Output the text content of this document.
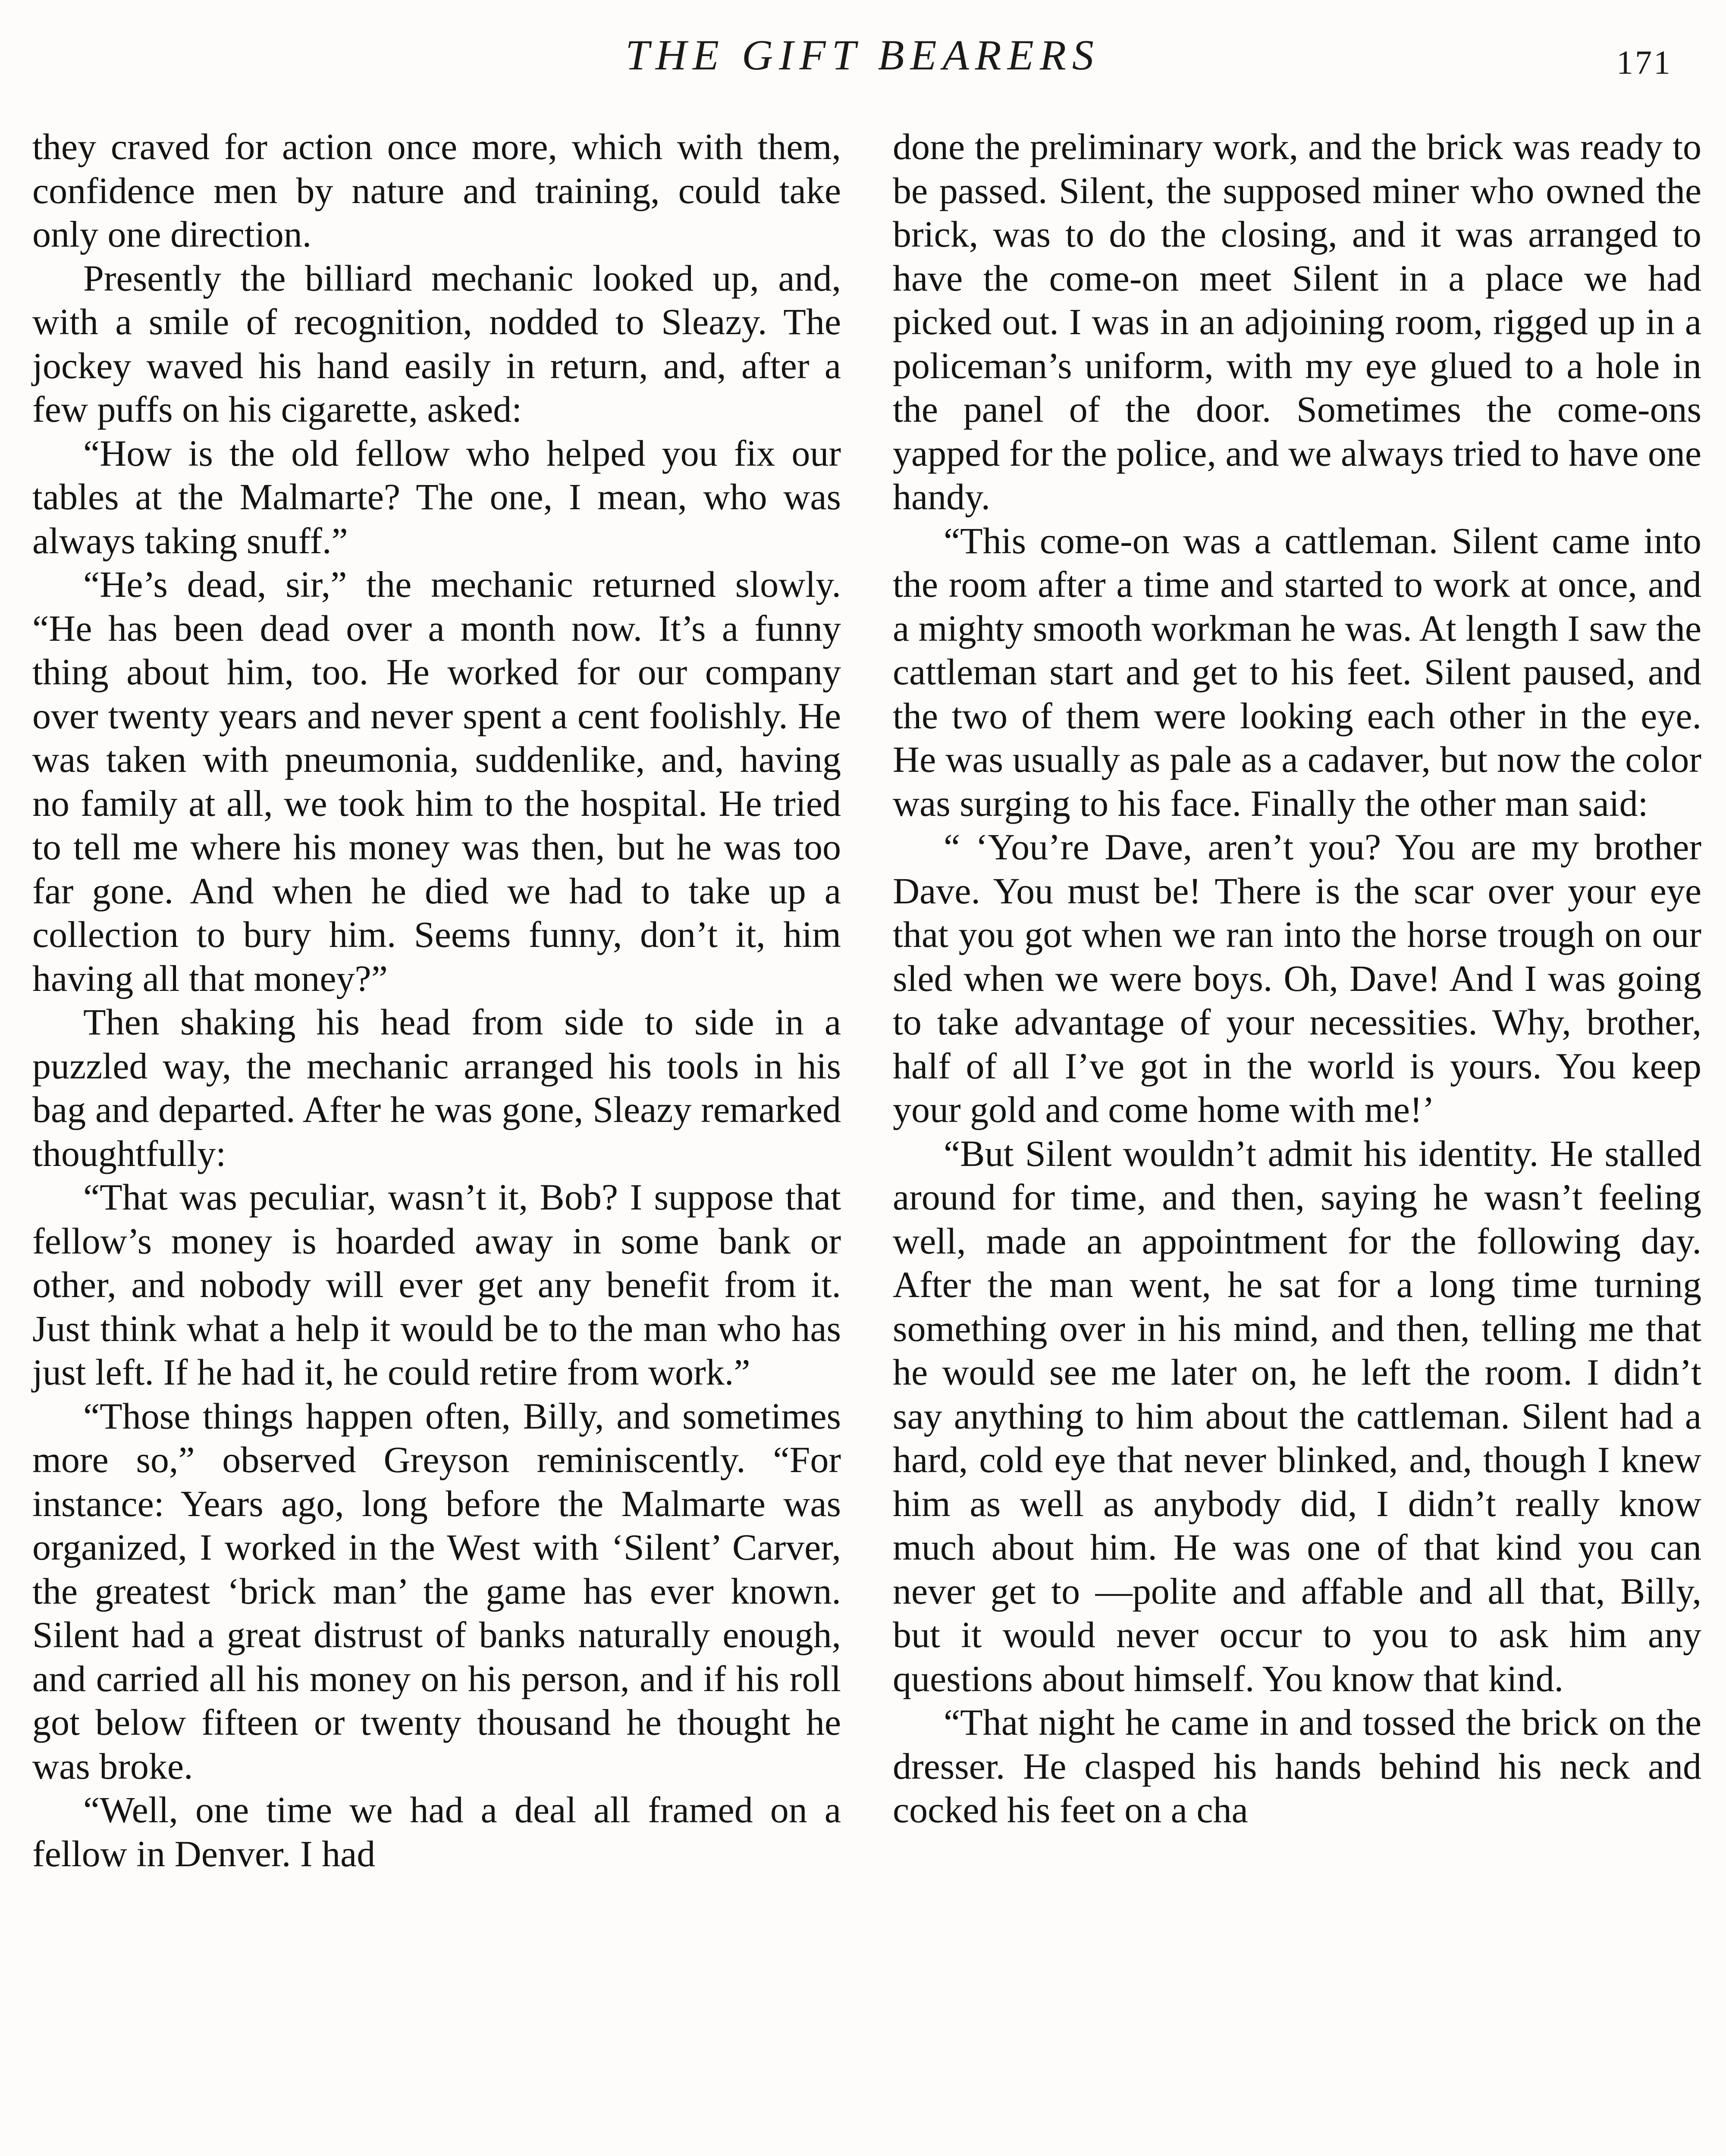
THE GIFT BEARERS	171

they craved for action once more, which with them, confidence men by nature and training, could take only one direction.

Presently the billiard mechanic looked up, and, with a smile of recognition, nodded to Sleazy. The jockey waved his hand easily in return, and, after a few puffs on his cigarette, asked:

“How is the old fellow who helped you fix our tables at the Malmarte? The one, I mean, who was always taking snuff.”

“He’s dead, sir,” the mechanic returned slowly. “He has been dead over a month now. It’s a funny thing about him, too. He worked for our company over twenty years and never spent a cent foolishly. He was taken with pneumonia, suddenlike, and, having no family at all, we took him to the hospital. He tried to tell me where his money was then, but he was too far gone. And when he died we had to take up a collection to bury him. Seems funny, don’t it, him having all that money?”

Then shaking his head from side to side in a puzzled way, the mechanic arranged his tools in his bag and departed. After he was gone, Sleazy remarked thoughtfully:

“That was peculiar, wasn’t it, Bob? I suppose that fellow’s money is hoarded away in some bank or other, and nobody will ever get any benefit from it. Just think what a help it would be to the man who has just left. If he had it, he could retire from work.”

“Those things happen often, Billy, and sometimes more so,” observed Greyson reminiscently. “For instance: Years ago, long before the Malmarte was organized, I worked in the West with ‘Silent’ Carver, the greatest ‘brick man’ the game has ever known. Silent had a great distrust of banks naturally enough, and carried all his money on his person, and if his roll got below fifteen or twenty thousand he thought he was broke.

“Well, one time we had a deal all framed on a fellow in Denver. I had

done the preliminary work, and the brick was ready to be passed. Silent, the supposed miner who owned the brick, was to do the closing, and it was arranged to have the come-on meet Silent in a place we had picked out. I was in an adjoining room, rigged up in a policeman’s uniform, with my eye glued to a hole in the panel of the door. Sometimes the come-ons yapped for the police, and we always tried to have one handy.

“This come-on was a cattleman. Silent came into the room after a time and started to work at once, and a mighty smooth workman he was. At length I saw the cattleman start and get to his feet. Silent paused, and the two of them were looking each other in the eye. He was usually as pale as a cadaver, but now the color was surging to his face. Finally the other man said:

“ ‘You’re Dave, aren’t you? You are my brother Dave. You must be! There is the scar over your eye that you got when we ran into the horse trough on our sled when we were boys. Oh, Dave! And I was going to take advantage of your necessities. Why, brother, half of all I’ve got in the world is yours. You keep your gold and come home with me!’

“But Silent wouldn’t admit his identity. He stalled around for time, and then, saying he wasn’t feeling well, made an appointment for the following day. After the man went, he sat for a long time turning something over in his mind, and then, telling me that he would see me later on, he left the room. I didn’t say anything to him about the cattleman. Silent had a hard, cold eye that never blinked, and, though I knew him as well as anybody did, I didn’t really know much about him. He was one of that kind you can never get to —polite and affable and all that, Billy, but it would never occur to you to ask him any questions about himself. You know that kind.

“That night he came in and tossed the brick on the dresser. He clasped his hands behind his neck and cocked his feet on a cha
